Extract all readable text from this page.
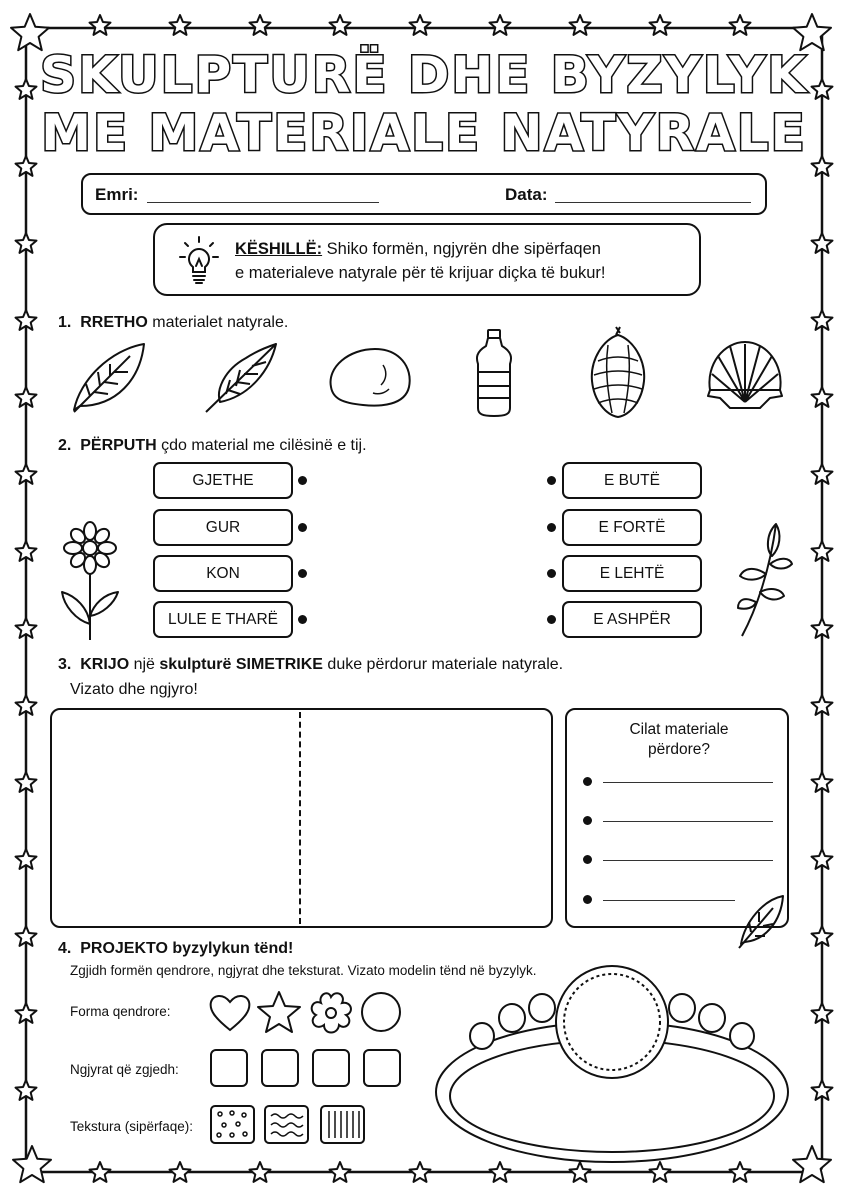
SKULPTURË DHE BYZYLYK
ME MATERIALE NATYRALE
Emri:	Data:
KËSHILLË: Shiko formën, ngjyrën dhe sipërfaqen
e materialeve natyrale për të krijuar diçka të bukur!
1. RRETHO materialet natyrale.
2. PËRPUTH çdo material me cilësinë e tij.
GJETHE
GUR
KON
LULE E THARË
E BUTË
E FORTË
E LEHTË
E ASHPËR
3. KRIJO një skulpturë SIMETRIKE duke përdorur materiale natyrale.
Vizato dhe ngjyro!
Cilat materiale
përdore?
4. PROJEKTO byzylykun tënd!
Zgjidh formën qendrore, ngjyrat dhe teksturat. Vizato modelin tënd në byzylyk.
Forma qendrore:
Ngjyrat që zgjedh:
Tekstura (sipërfaqe):
